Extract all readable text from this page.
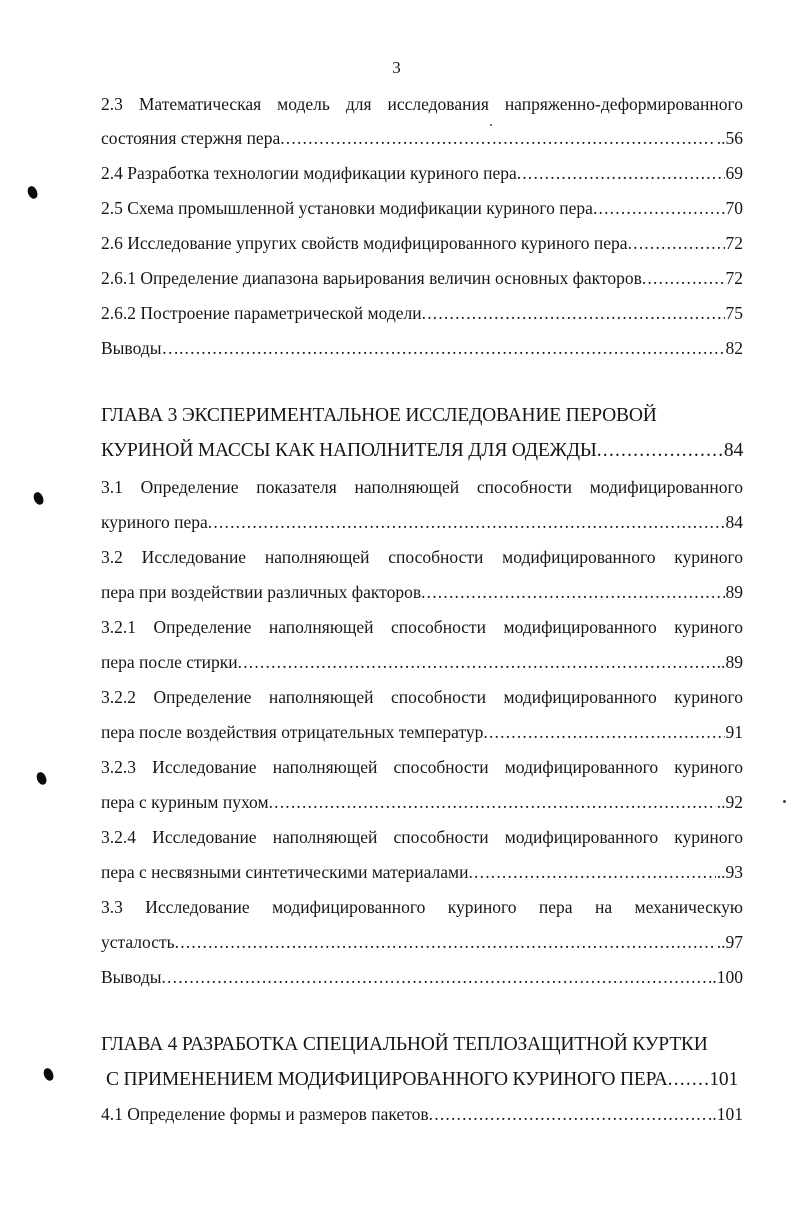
3
2.3 Математическая модель для исследования напряженно-деформированного
состояния стержня пера .....	..56
2.4 Разработка технологии модификации куриного пера .....	69
2.5 Схема промышленной установки модификации куриного пера .....	70
2.6 Исследование упругих свойств модифицированного куриного пера .....	72
2.6.1 Определение диапазона варьирования величин основных факторов .....	72
2.6.2 Построение параметрической модели .....	75
Выводы… .....	82
ГЛАВА 3 ЭКСПЕРИМЕНТАЛЬНОЕ ИССЛЕДОВАНИЕ ПЕРОВОЙ
КУРИНОЙ МАССЫ КАК НАПОЛНИТЕЛЯ ДЛЯ ОДЕЖДЫ .....	84
3.1 Определение показателя наполняющей способности модифицированного
куриного пера .....	84
3.2 Исследование наполняющей способности модифицированного куриного
пера при воздействии различных факторов .....	89
3.2.1 Определение наполняющей способности модифицированного куриного
пера после стирки .....	..89
3.2.2 Определение наполняющей способности модифицированного куриного
пера после воздействия отрицательных температур .....	91
3.2.3 Исследование наполняющей способности модифицированного куриного
пера с куриным пухом .....	..92
3.2.4 Исследование наполняющей способности модифицированного куриного
пера с несвязными синтетическими материалами .....	..93
3.3 Исследование модифицированного куриного пера на механическую
усталость .....	..97
Выводы .....	..100
ГЛАВА 4 РАЗРАБОТКА СПЕЦИАЛЬНОЙ ТЕПЛОЗАЩИТНОЙ КУРТКИ
С ПРИМЕНЕНИЕМ МОДИФИЦИРОВАННОГО КУРИНОГО ПЕРА ..... 101
4.1 Определение формы и размеров пакетов .....	..101
